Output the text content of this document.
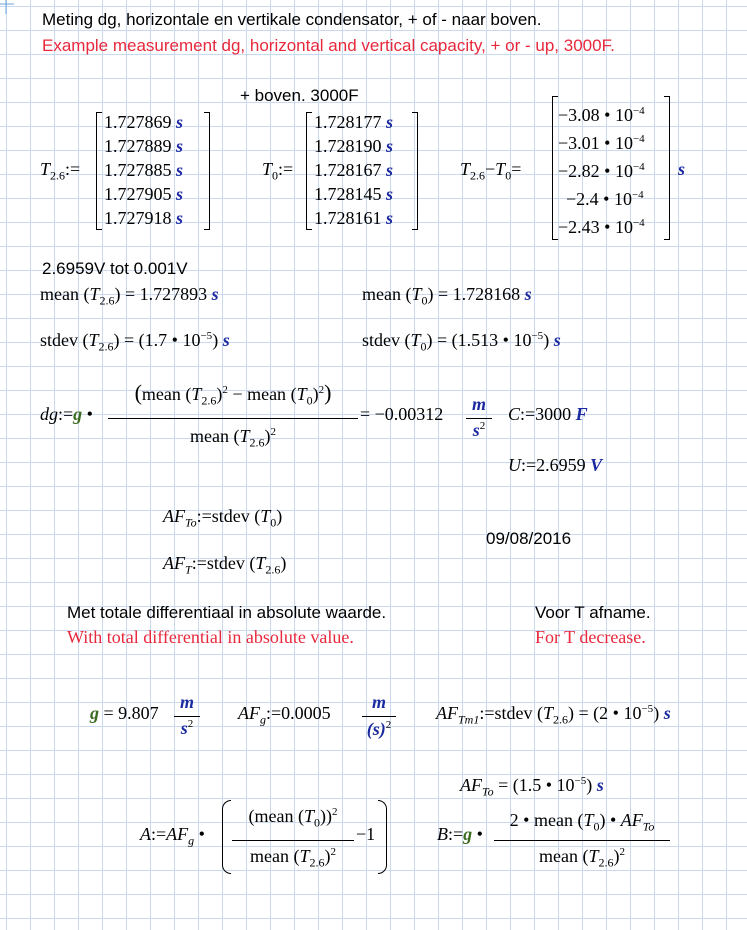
Meting dg, horizontale en vertikale condensator, + of - naar boven.
Example measurement dg, horizontal and vertical capacity, + or - up, 3000F.
+ boven. 3000F
$T_{2.6}:=$
1.727869 s
1.727889 s
1.727885 s
1.727905 s
1.727918 s
$T_0:=$
1.728177 s
1.728190 s
1.728167 s
1.728145 s
1.728161 s
$T_{2.6}-T_0=$
−3.08 • $10^{-4}$
−3.01 • $10^{-4}$
−2.82 • $10^{-4}$
−2.4 • $10^{-4}$
−2.43 • $10^{-4}$
s
2.6959V tot 0.001V
mean $(T_{2.6}) = 1.727893$ s	mean $(T_0) = 1.728168$ s
stdev $(T_{2.6}) = (1.7$ • $10^{-5}$) s	stdev $(T_0) = (1.513$ • $10^{-5}$) s
dg:=g •
(mean $(T_{2.6})^2$ − mean $(T_0)^2$)
mean $(T_{2.6})^2$
= −0.00312	m
$s^2$
C:=3000 F
U:=2.6959 V
$AF_{To}:=stdev$ $(T_0)$
$AF_T:=stdev$ $(T_{2.6})$
09/08/2016
Met totale differentiaal in absolute waarde.
With total differential in absolute value.
Voor T afname.
For T decrease.
g = 9.807
m
$s^2$
$AF_g:=0.0005$
m
$(s)^2$
$AF_{Tm1}:=stdev$ $(T_{2.6}) = (2$ • $10^{-5}$) s
$AF_{To} = (1.5$ • $10^{-5}$) s
$A:=AF_g$ •
(mean $(T_0))^2$
mean $(T_{2.6})^2$
−1	B:=g •
2 • mean $(T_0)$ • $AF_{To}$
mean $(T_{2.6})^2$
